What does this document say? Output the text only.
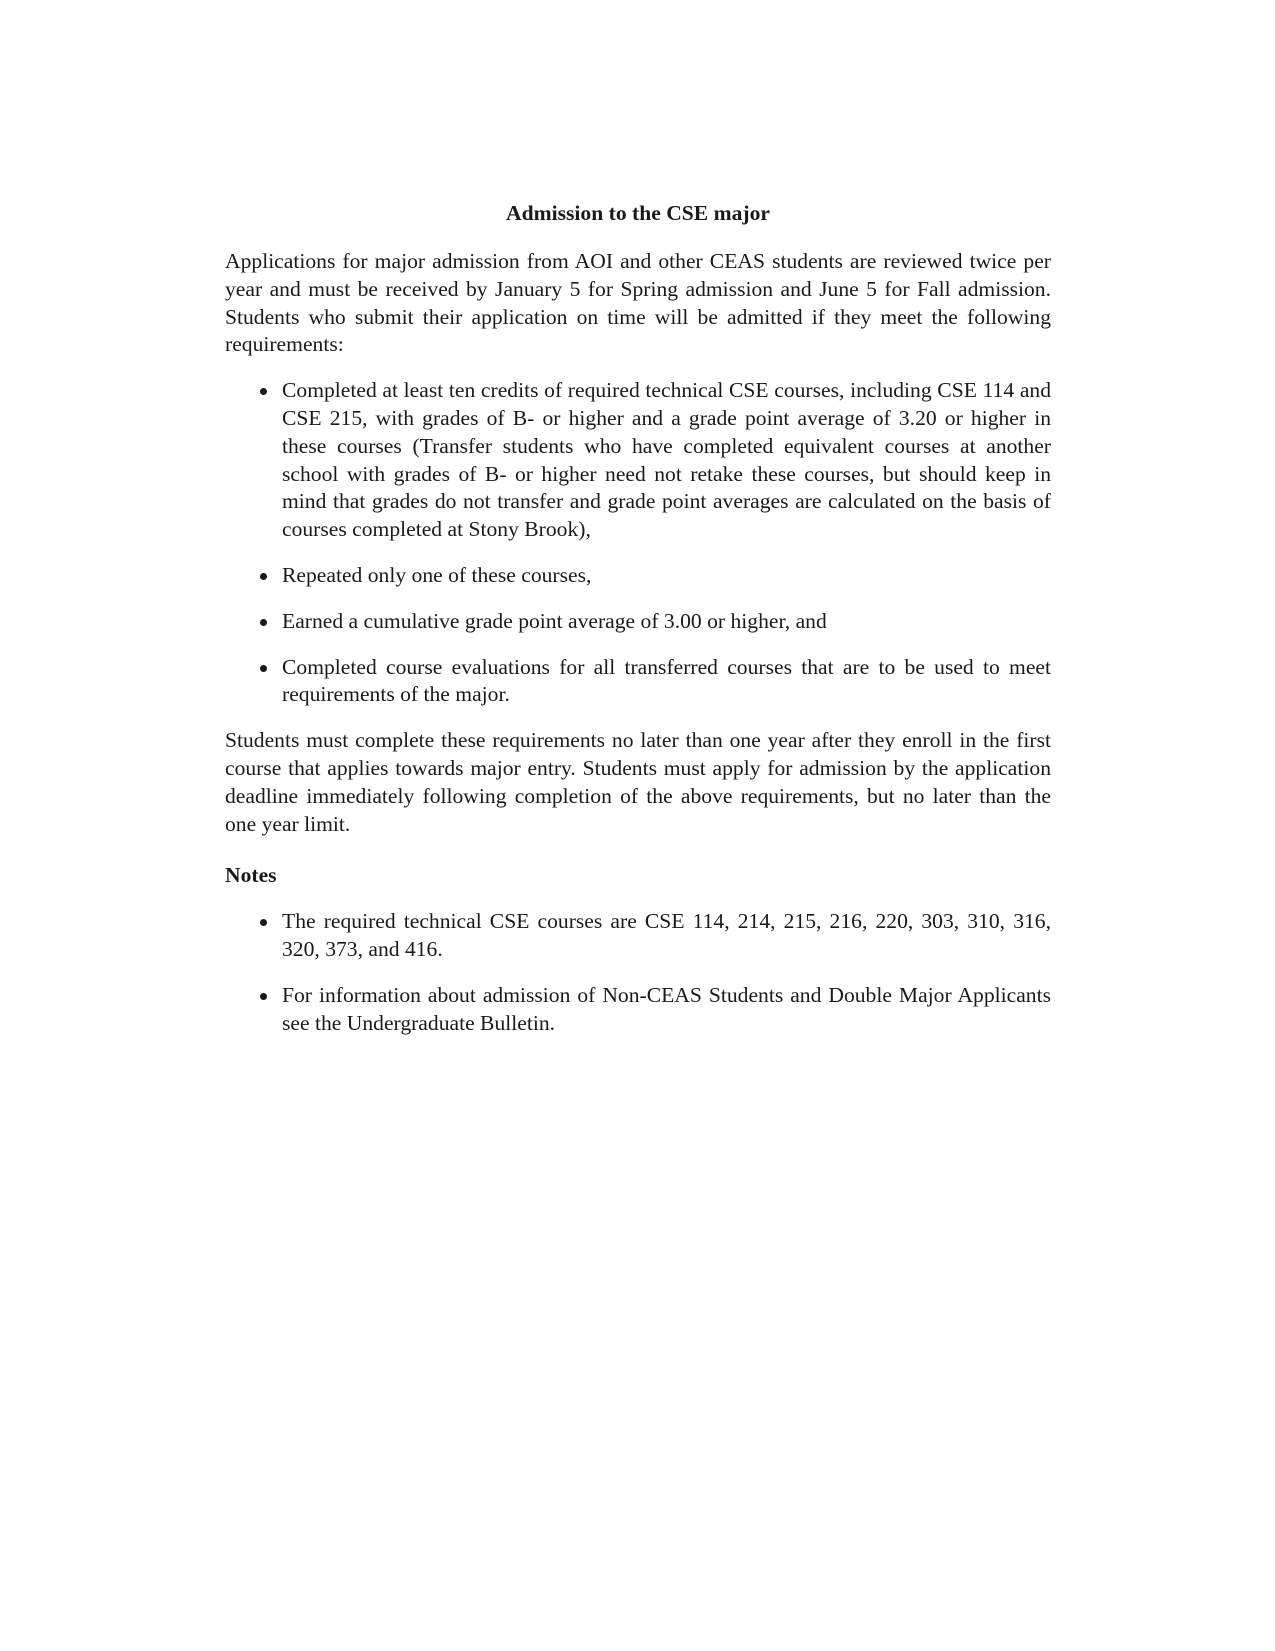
Admission to the CSE major

Applications for major admission from AOI and other CEAS students are reviewed twice per year and must be received by January 5 for Spring admission and June 5 for Fall admission. Students who submit their application on time will be admitted if they meet the following requirements:

Completed at least ten credits of required technical CSE courses, including CSE 114 and CSE 215, with grades of B- or higher and a grade point average of 3.20 or higher in these courses (Transfer students who have completed equivalent courses at another school with grades of B- or higher need not retake these courses, but should keep in mind that grades do not transfer and grade point averages are calculated on the basis of courses completed at Stony Brook),
Repeated only one of these courses,
Earned a cumulative grade point average of 3.00 or higher, and
Completed course evaluations for all transferred courses that are to be used to meet requirements of the major.

Students must complete these requirements no later than one year after they enroll in the first course that applies towards major entry. Students must apply for admission by the application deadline immediately following completion of the above requirements, but no later than the one year limit.

Notes

The required technical CSE courses are CSE 114, 214, 215, 216, 220, 303, 310, 316, 320, 373, and 416.
For information about admission of Non-CEAS Students and Double Major Applicants see the Undergraduate Bulletin.
